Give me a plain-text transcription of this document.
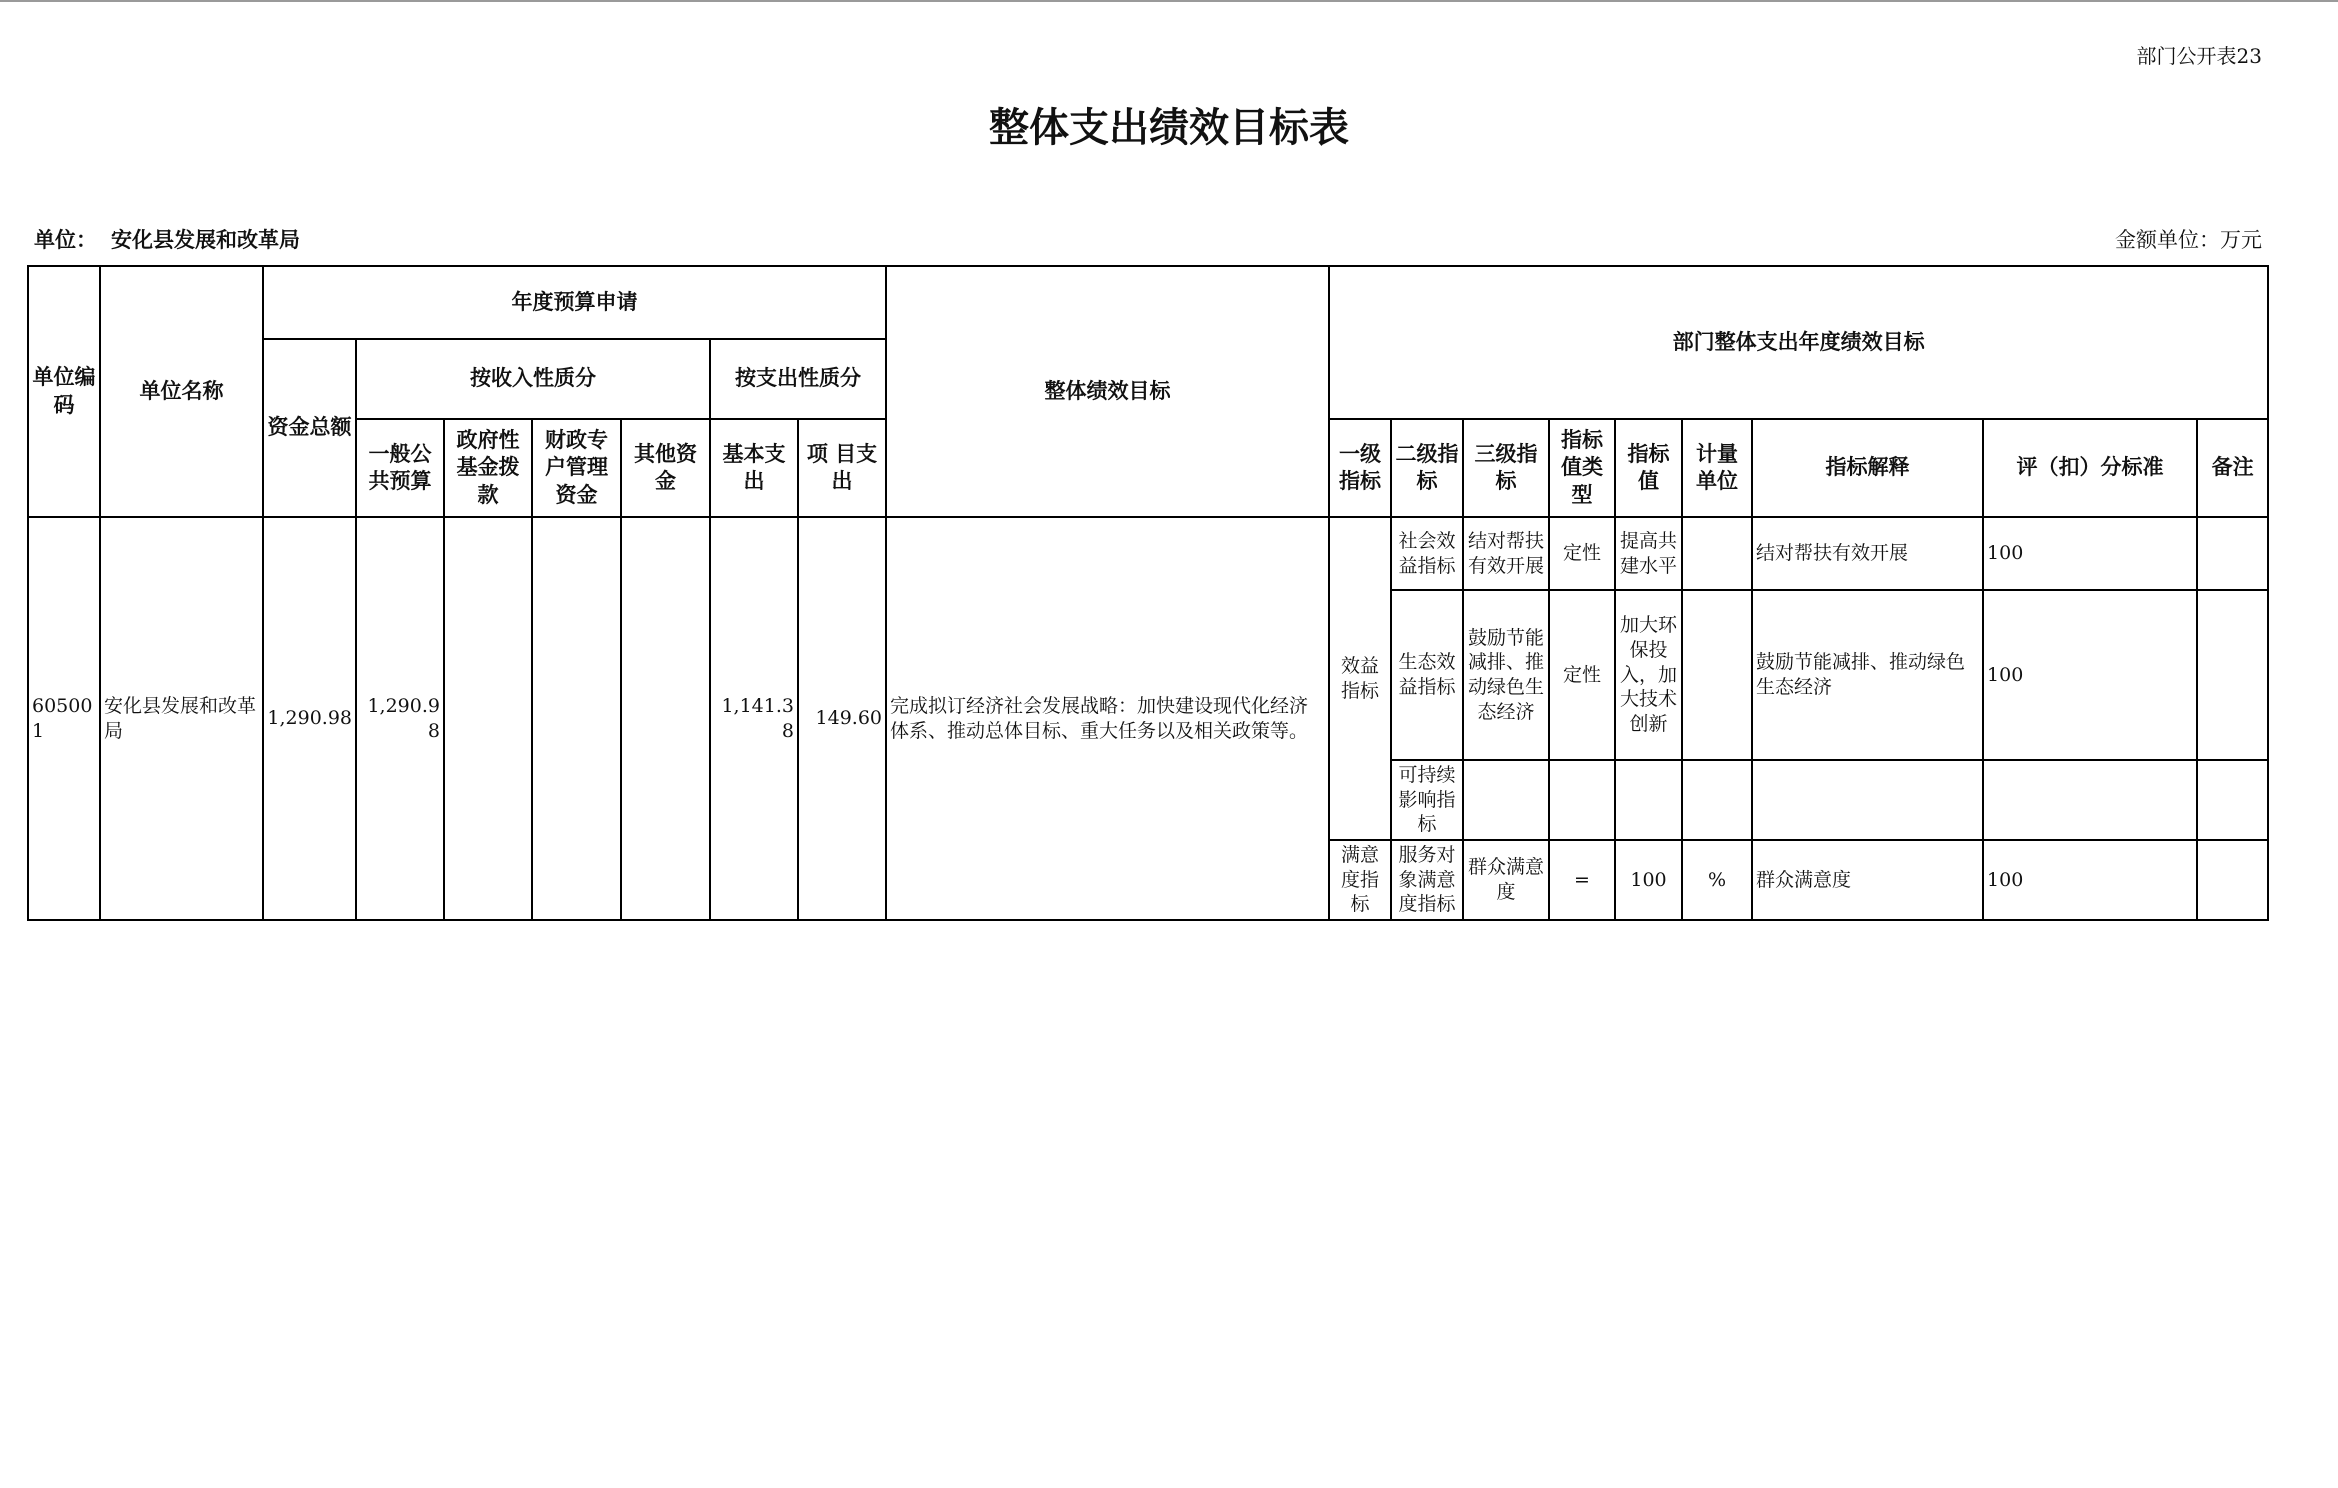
部门公开表23
整体支出绩效目标表
单位： 安化县发展和改革局	金额单位：万元
单位编码	单位名称	年度预算申请							整体绩效目标	部门整体支出年度绩效目标								
		资金总额	按收入性质分				按支出性质分											
			一般公共预算	政府性基金拨款	财政专户管理资金	其他资金	基本支出	项 目支出		一级指标	二级指标	三级指标	指标值类型	指标值	计量单位	指标解释	评（扣）分标准	备注
605001	安化县发展和改革局	1,290.98	1,290.98				1,141.38	149.60	完成拟订经济社会发展战略：加快建设现代化经济体系、推动总体目标、重大任务以及相关政策等。	效益指标	社会效益指标	结对帮扶有效开展	定性	提高共建水平		结对帮扶有效开展	100	
											生态效益指标	鼓励节能减排、推动绿色生态经济	定性	加大环保投入，加大技术创新		鼓励节能减排、推动绿色生态经济	100	
											可持续影响指标							
										满意度指标	服务对象满意度指标	群众满意度	=	100	%	群众满意度	100	
